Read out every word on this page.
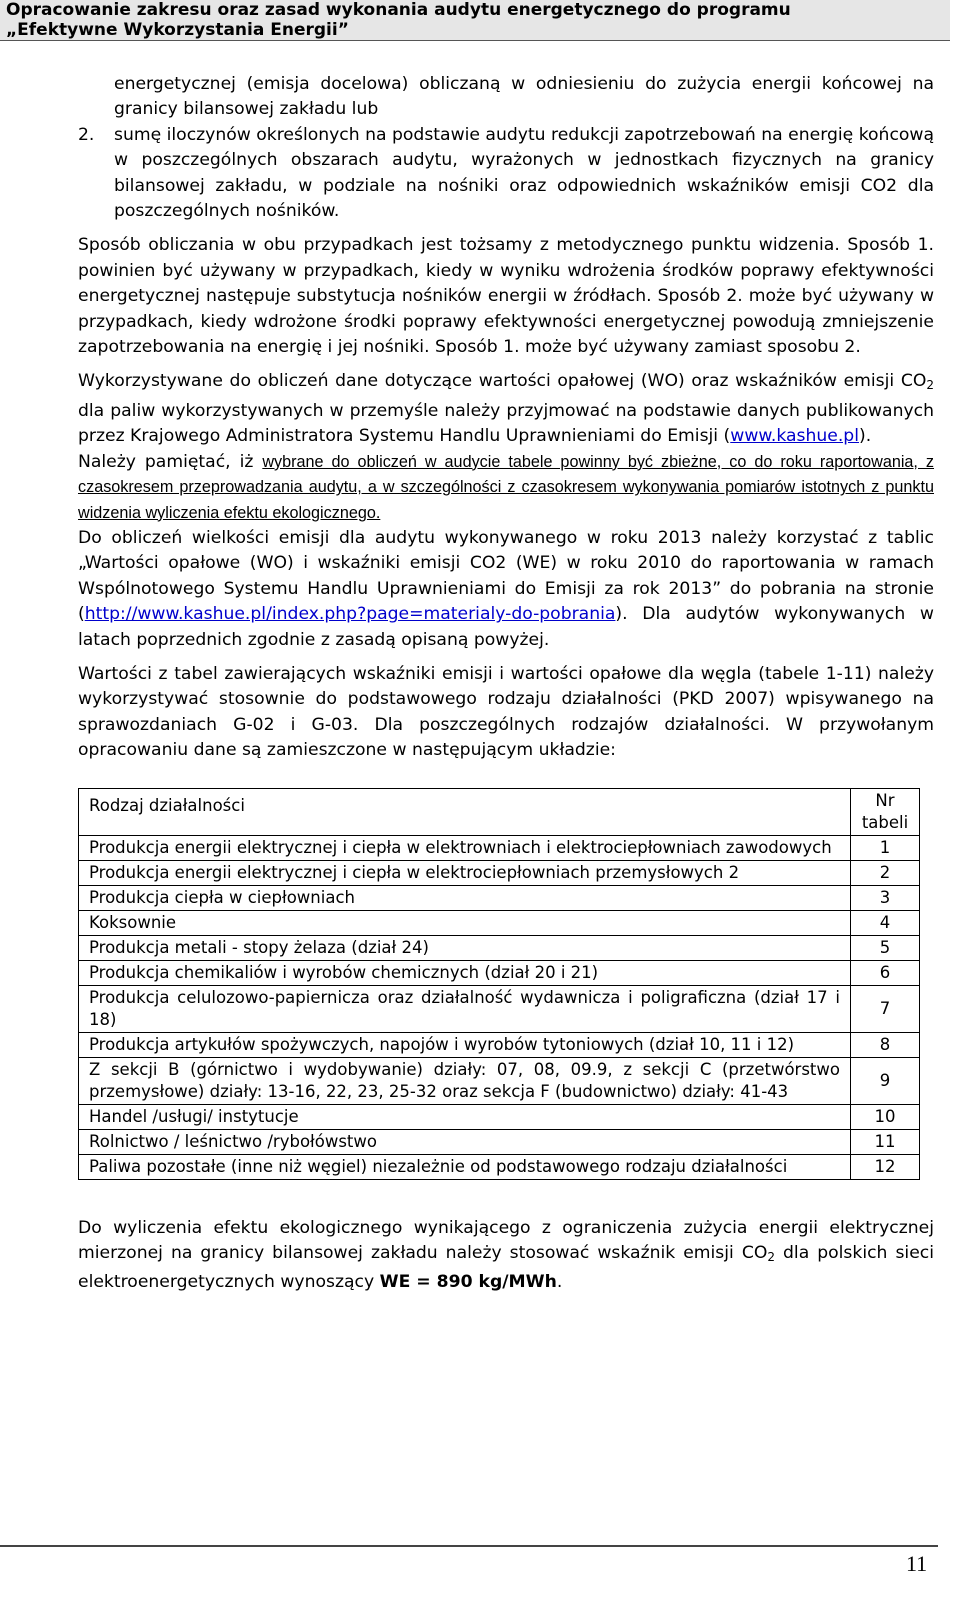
Opracowanie zakresu oraz zasad wykonania audytu energetycznego do programu
„Efektywne Wykorzystania Energii”

energetycznej (emisja docelowa) obliczaną w odniesieniu do zużycia energii końcowej na granicy bilansowej zakładu lub

2. sumę iloczynów określonych na podstawie audytu redukcji zapotrzebowań na energię końcową w poszczególnych obszarach audytu, wyrażonych w jednostkach fizycznych na granicy bilansowej zakładu, w podziale na nośniki oraz odpowiednich wskaźników emisji CO2 dla poszczególnych nośników.

Sposób obliczania w obu przypadkach jest tożsamy z metodycznego punktu widzenia. Sposób 1. powinien być używany w przypadkach, kiedy w wyniku wdrożenia środków poprawy efektywności energetycznej następuje substytucja nośników energii w źródłach. Sposób 2. może być używany w przypadkach, kiedy wdrożone środki poprawy efektywności energetycznej powodują zmniejszenie zapotrzebowania na energię i jej nośniki. Sposób 1. może być używany zamiast sposobu 2.

Wykorzystywane do obliczeń dane dotyczące wartości opałowej (WO) oraz wskaźników emisji $CO_2$ dla paliw wykorzystywanych w przemyśle należy przyjmować na podstawie danych publikowanych przez Krajowego Administratora Systemu Handlu Uprawnieniami do Emisji (www.kashue.pl).

Należy pamiętać, iż wybrane do obliczeń w audycie tabele powinny być zbieżne, co do roku raportowania, z czasokresem przeprowadzania audytu, a w szczególności z czasokresem wykonywania pomiarów istotnych z punktu widzenia wyliczenia efektu ekologicznego.

Do obliczeń wielkości emisji dla audytu wykonywanego w roku 2013 należy korzystać z tablic „Wartości opałowe (WO) i wskaźniki emisji CO2 (WE) w roku 2010 do raportowania w ramach Wspólnotowego Systemu Handlu Uprawnieniami do Emisji za rok 2013” do pobrania na stronie (http://www.kashue.pl/index.php?page=materialy-do-pobrania). Dla audytów wykonywanych w latach poprzednich zgodnie z zasadą opisaną powyżej.

Wartości z tabel zawierających wskaźniki emisji i wartości opałowe dla węgla (tabele 1-11) należy wykorzystywać stosownie do podstawowego rodzaju działalności (PKD 2007) wpisywanego na sprawozdaniach G-02 i G-03. Dla poszczególnych rodzajów działalności. W przywołanym opracowaniu dane są zamieszczone w następującym układzie:

Rodzaj działalności	Nr tabeli
Produkcja energii elektrycznej i ciepła w elektrowniach i elektrociepłowniach zawodowych	1
Produkcja energii elektrycznej i ciepła w elektrociepłowniach przemysłowych 2	2
Produkcja ciepła w ciepłowniach	3
Koksownie	4
Produkcja metali - stopy żelaza (dział 24)	5
Produkcja chemikaliów i wyrobów chemicznych (dział 20 i 21)	6
Produkcja celulozowo-papiernicza oraz działalność wydawnicza i poligraficzna (dział 17 i 18)	7
Produkcja artykułów spożywczych, napojów i wyrobów tytoniowych (dział 10, 11 i 12)	8
Z sekcji B (górnictwo i wydobywanie) działy: 07, 08, 09.9, z sekcji C (przetwórstwo przemysłowe) działy: 13-16, 22, 23, 25-32 oraz sekcja F (budownictwo) działy: 41-43	9
Handel /usługi/ instytucje	10
Rolnictwo / leśnictwo /rybołówstwo	11
Paliwa pozostałe (inne niż węgiel) niezależnie od podstawowego rodzaju działalności	12

Do wyliczenia efektu ekologicznego wynikającego z ograniczenia zużycia energii elektrycznej mierzonej na granicy bilansowej zakładu należy stosować wskaźnik emisji $CO_2$ dla polskich sieci elektroenergetycznych wynoszący WE = 890 kg/MWh.

11
